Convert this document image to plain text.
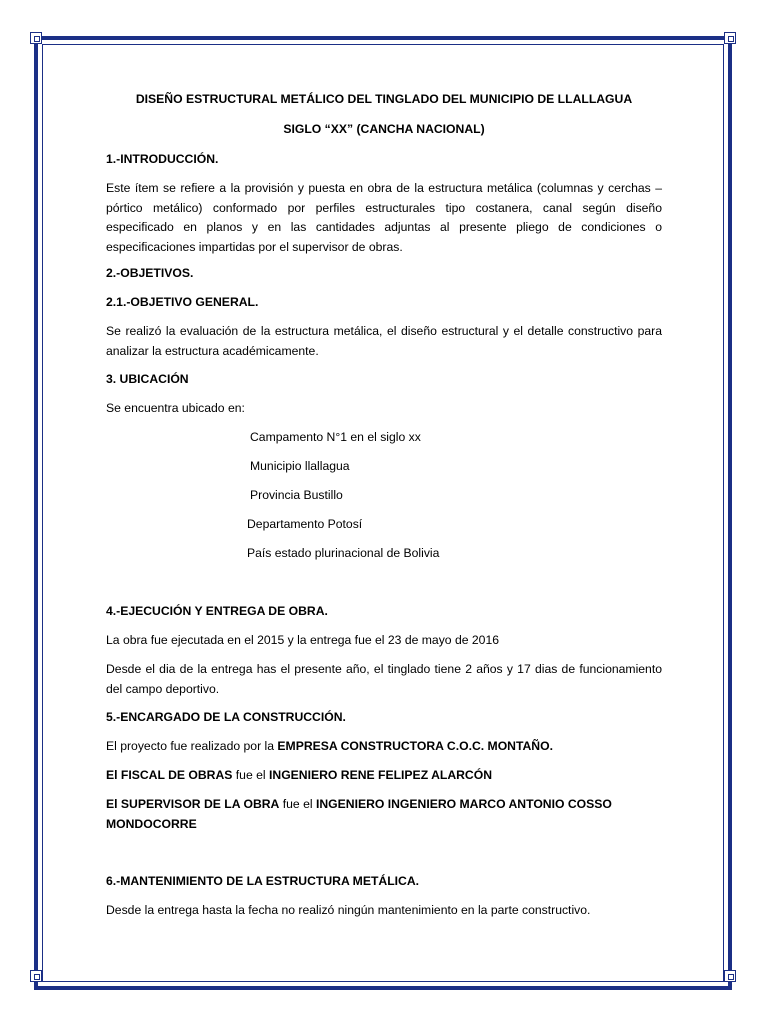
DISEÑO ESTRUCTURAL METÁLICO DEL TINGLADO DEL MUNICIPIO DE LLALLAGUA

SIGLO “XX” (CANCHA NACIONAL)

1.-INTRODUCCIÓN.

Este ítem se refiere a la provisión y puesta en obra de la estructura metálica (columnas y cerchas – pórtico metálico) conformado por perfiles estructurales tipo costanera, canal según diseño especificado en planos y en las cantidades adjuntas al presente pliego de condiciones o especificaciones impartidas por el supervisor de obras.

2.-OBJETIVOS.

2.1.-OBJETIVO GENERAL.

Se realizó la evaluación de la estructura metálica, el diseño estructural y el detalle constructivo para analizar la estructura académicamente.

3. UBICACIÓN

Se encuentra ubicado en:

Campamento N°1 en el siglo xx

Municipio llallagua

Provincia Bustillo

Departamento Potosí

País estado plurinacional de Bolivia

4.-EJECUCIÓN Y ENTREGA DE OBRA.

La obra fue ejecutada en el 2015 y la entrega fue el 23 de mayo de 2016

Desde el dia de la entrega has el presente año, el tinglado tiene 2 años y 17 dias de funcionamiento del campo deportivo.

5.-ENCARGADO DE LA CONSTRUCCIÓN.

El proyecto fue realizado por la EMPRESA CONSTRUCTORA C.O.C. MONTAÑO.

El FISCAL DE OBRAS fue el INGENIERO RENE FELIPEZ ALARCÓN

El SUPERVISOR DE LA OBRA fue el INGENIERO INGENIERO MARCO ANTONIO COSSO MONDOCORRE

6.-MANTENIMIENTO DE LA ESTRUCTURA METÁLICA.

Desde la entrega hasta la fecha no realizó ningún mantenimiento en la parte constructivo.
